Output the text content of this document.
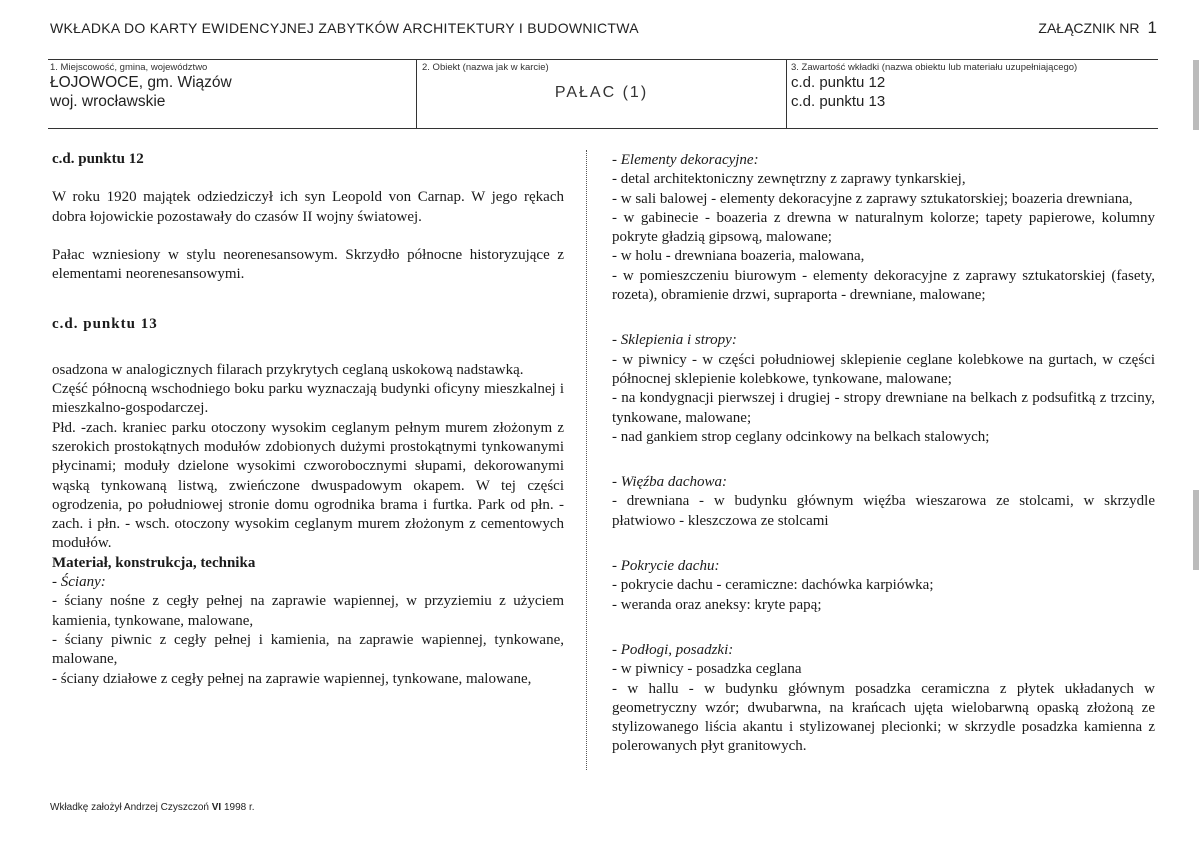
WKŁADKA DO KARTY EWIDENCYJNEJ ZABYTKÓW ARCHITEKTURY I BUDOWNICTWA	ZAŁĄCZNIK NR 1
1. Miejscowość, gmina, województwo
ŁOJOWOCE, gm. Wiązów
woj. wrocławskie
2. Obiekt (nazwa jak w karcie)
PAŁAC (1)
3. Zawartość wkładki (nazwa obiektu lub materiału uzupełniającego)
c.d. punktu 12
c.d. punktu 13

c.d. punktu 12

W roku 1920 majątek odziedziczył ich syn Leopold von Carnap. W jego rękach dobra łojowickie pozostawały do czasów II wojny światowej.

Pałac wzniesiony w stylu neorenesansowym. Skrzydło północne historyzujące z elementami neorenesansowymi.

c.d. punktu 13

osadzona w analogicznych filarach przykrytych ceglaną uskokową nadstawką.

Część północną wschodniego boku parku wyznaczają budynki oficyny mieszkalnej i mieszkalno-gospodarczej.

Płd. -zach. kraniec parku otoczony wysokim ceglanym pełnym murem złożonym z szerokich prostokątnych modułów zdobionych dużymi prostokątnymi tynkowanymi płycinami; moduły dzielone wysokimi czworobocznymi słupami, dekorowanymi wąską tynkowaną listwą, zwieńczone dwuspadowym okapem. W tej części ogrodzenia, po południowej stronie domu ogrodnika brama i furtka. Park od płn. -zach. i płn. - wsch. otoczony wysokim ceglanym murem złożonym z cementowych modułów.

Materiał, konstrukcja, technika

- Ściany:

- ściany nośne z cegły pełnej na zaprawie wapiennej, w przyziemiu z użyciem kamienia, tynkowane, malowane,

- ściany piwnic z cegły pełnej i kamienia, na zaprawie wapiennej, tynkowane, malowane,

- ściany działowe z cegły pełnej na zaprawie wapiennej, tynkowane, malowane,

- Elementy dekoracyjne:

- detal architektoniczny zewnętrzny z zaprawy tynkarskiej,

- w sali balowej - elementy dekoracyjne z zaprawy sztukatorskiej; boazeria drewniana,

- w gabinecie - boazeria z drewna w naturalnym kolorze; tapety papierowe, kolumny pokryte gładzią gipsową, malowane;

- w holu - drewniana boazeria, malowana,

- w pomieszczeniu biurowym - elementy dekoracyjne z zaprawy sztukatorskiej (fasety, rozeta), obramienie drzwi, supraporta - drewniane, malowane;

- Sklepienia i stropy:

- w piwnicy - w części południowej sklepienie ceglane kolebkowe na gurtach, w części północnej sklepienie kolebkowe, tynkowane, malowane;

- na kondygnacji pierwszej i drugiej - stropy drewniane na belkach z podsufitką z trzciny, tynkowane, malowane;

- nad gankiem strop ceglany odcinkowy na belkach stalowych;

- Więźba dachowa:

- drewniana - w budynku głównym więźba wieszarowa ze stolcami, w skrzydle płatwiowo - kleszczowa ze stolcami

- Pokrycie dachu:

- pokrycie dachu - ceramiczne: dachówka karpiówka;

- weranda oraz aneksy: kryte papą;

- Podłogi, posadzki:

- w piwnicy - posadzka ceglana

- w hallu - w budynku głównym posadzka ceramiczna z płytek układanych w geometryczny wzór; dwubarwna, na krańcach ujęta wielobarwną opaską złożoną ze stylizowanego liścia akantu i stylizowanej plecionki; w skrzydle posadzka kamienna z polerowanych płyt granitowych.

Wkładkę założył Andrzej Czyszczoń VI 1998 r.
